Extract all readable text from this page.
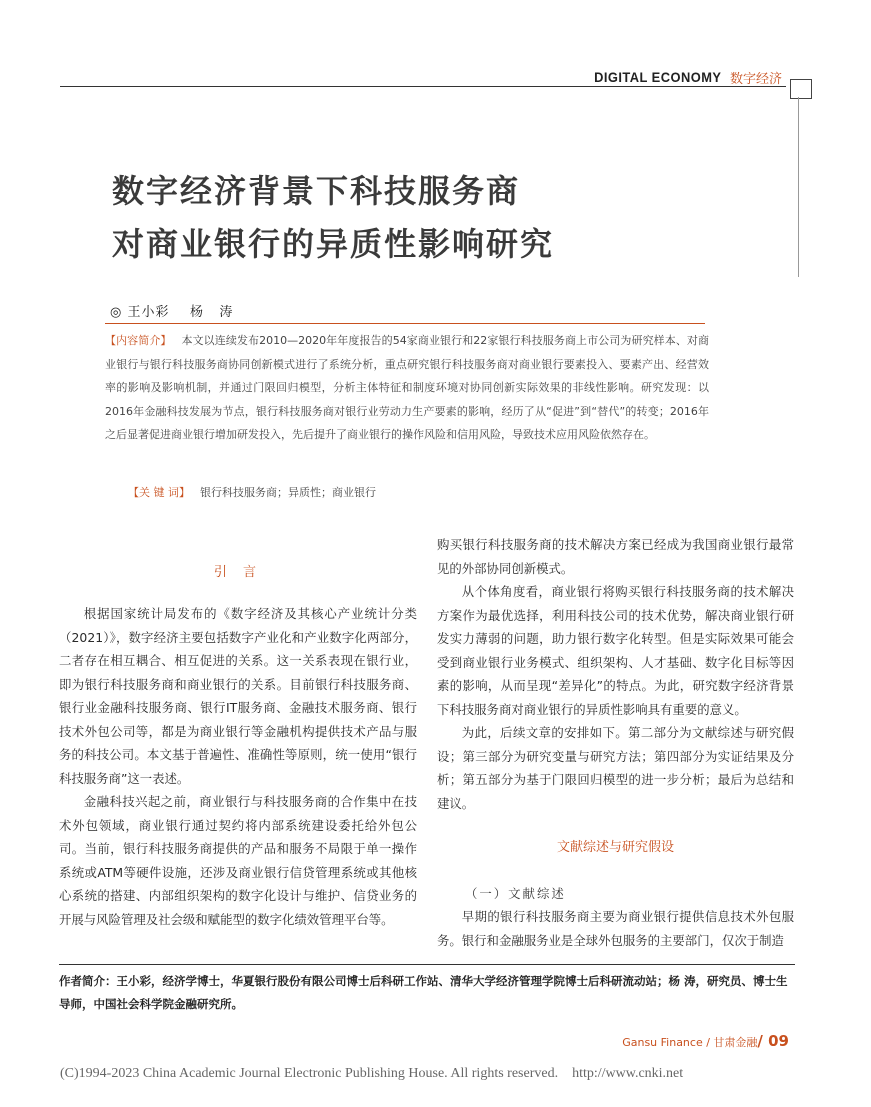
DIGITAL ECONOMY 数字经济
数字经济背景下科技服务商
对商业银行的异质性影响研究
◎ 王小彩    杨   涛
【内容简介】 本文以连续发布2010—2020年年度报告的54家商业银行和22家银行科技服务商上市公司为研究样本、对商业银行与银行科技服务商协同创新模式进行了系统分析，重点研究银行科技服务商对商业银行要素投入、要素产出、经营效率的影响及影响机制，并通过门限回归模型，分析主体特征和制度环境对协同创新实际效果的非线性影响。研究发现：以2016年金融科技发展为节点，银行科技服务商对银行业劳动力生产要素的影响，经历了从“促进”到“替代”的转变；2016年之后显著促进商业银行增加研发投入，先后提升了商业银行的操作风险和信用风险，导致技术应用风险依然存在。
【关 键 词】 银行科技服务商；异质性；商业银行
引 言

根据国家统计局发布的《数字经济及其核心产业统计分类（2021）》，数字经济主要包括数字产业化和产业数字化两部分，二者存在相互耦合、相互促进的关系。这一关系表现在银行业，即为银行科技服务商和商业银行的关系。目前银行科技服务商、银行业金融科技服务商、银行IT服务商、金融技术服务商、银行技术外包公司等，都是为商业银行等金融机构提供技术产品与服务的科技公司。本文基于普遍性、准确性等原则，统一使用“银行科技服务商”这一表述。

金融科技兴起之前，商业银行与科技服务商的合作集中在技术外包领域，商业银行通过契约将内部系统建设委托给外包公司。当前，银行科技服务商提供的产品和服务不局限于单一操作系统或ATM等硬件设施，还涉及商业银行信贷管理系统或其他核心系统的搭建、内部组织架构的数字化设计与维护、信贷业务的开展与风险管理及社会级和赋能型的数字化绩效管理平台等。

购买银行科技服务商的技术解决方案已经成为我国商业银行最常见的外部协同创新模式。

从个体角度看，商业银行将购买银行科技服务商的技术解决方案作为最优选择，利用科技公司的技术优势，解决商业银行研发实力薄弱的问题，助力银行数字化转型。但是实际效果可能会受到商业银行业务模式、组织架构、人才基础、数字化目标等因素的影响，从而呈现“差异化”的特点。为此，研究数字经济背景下科技服务商对商业银行的异质性影响具有重要的意义。

为此，后续文章的安排如下。第二部分为文献综述与研究假设；第三部分为研究变量与研究方法；第四部分为实证结果及分析；第五部分为基于门限回归模型的进一步分析；最后为总结和建议。

文献综述与研究假设
（一）文献综述

早期的银行科技服务商主要为商业银行提供信息技术外包服务。银行和金融服务业是全球外包服务的主要部门，仅次于制造

作者简介：王小彩，经济学博士，华夏银行股份有限公司博士后科研工作站、清华大学经济管理学院博士后科研流动站；杨 涛，研究员、博士生导师，中国社会科学院金融研究所。
Gansu Finance / 甘肃金融/ 09
(C)1994-2023 China Academic Journal Electronic Publishing House. All rights reserved.    http://www.cnki.net
